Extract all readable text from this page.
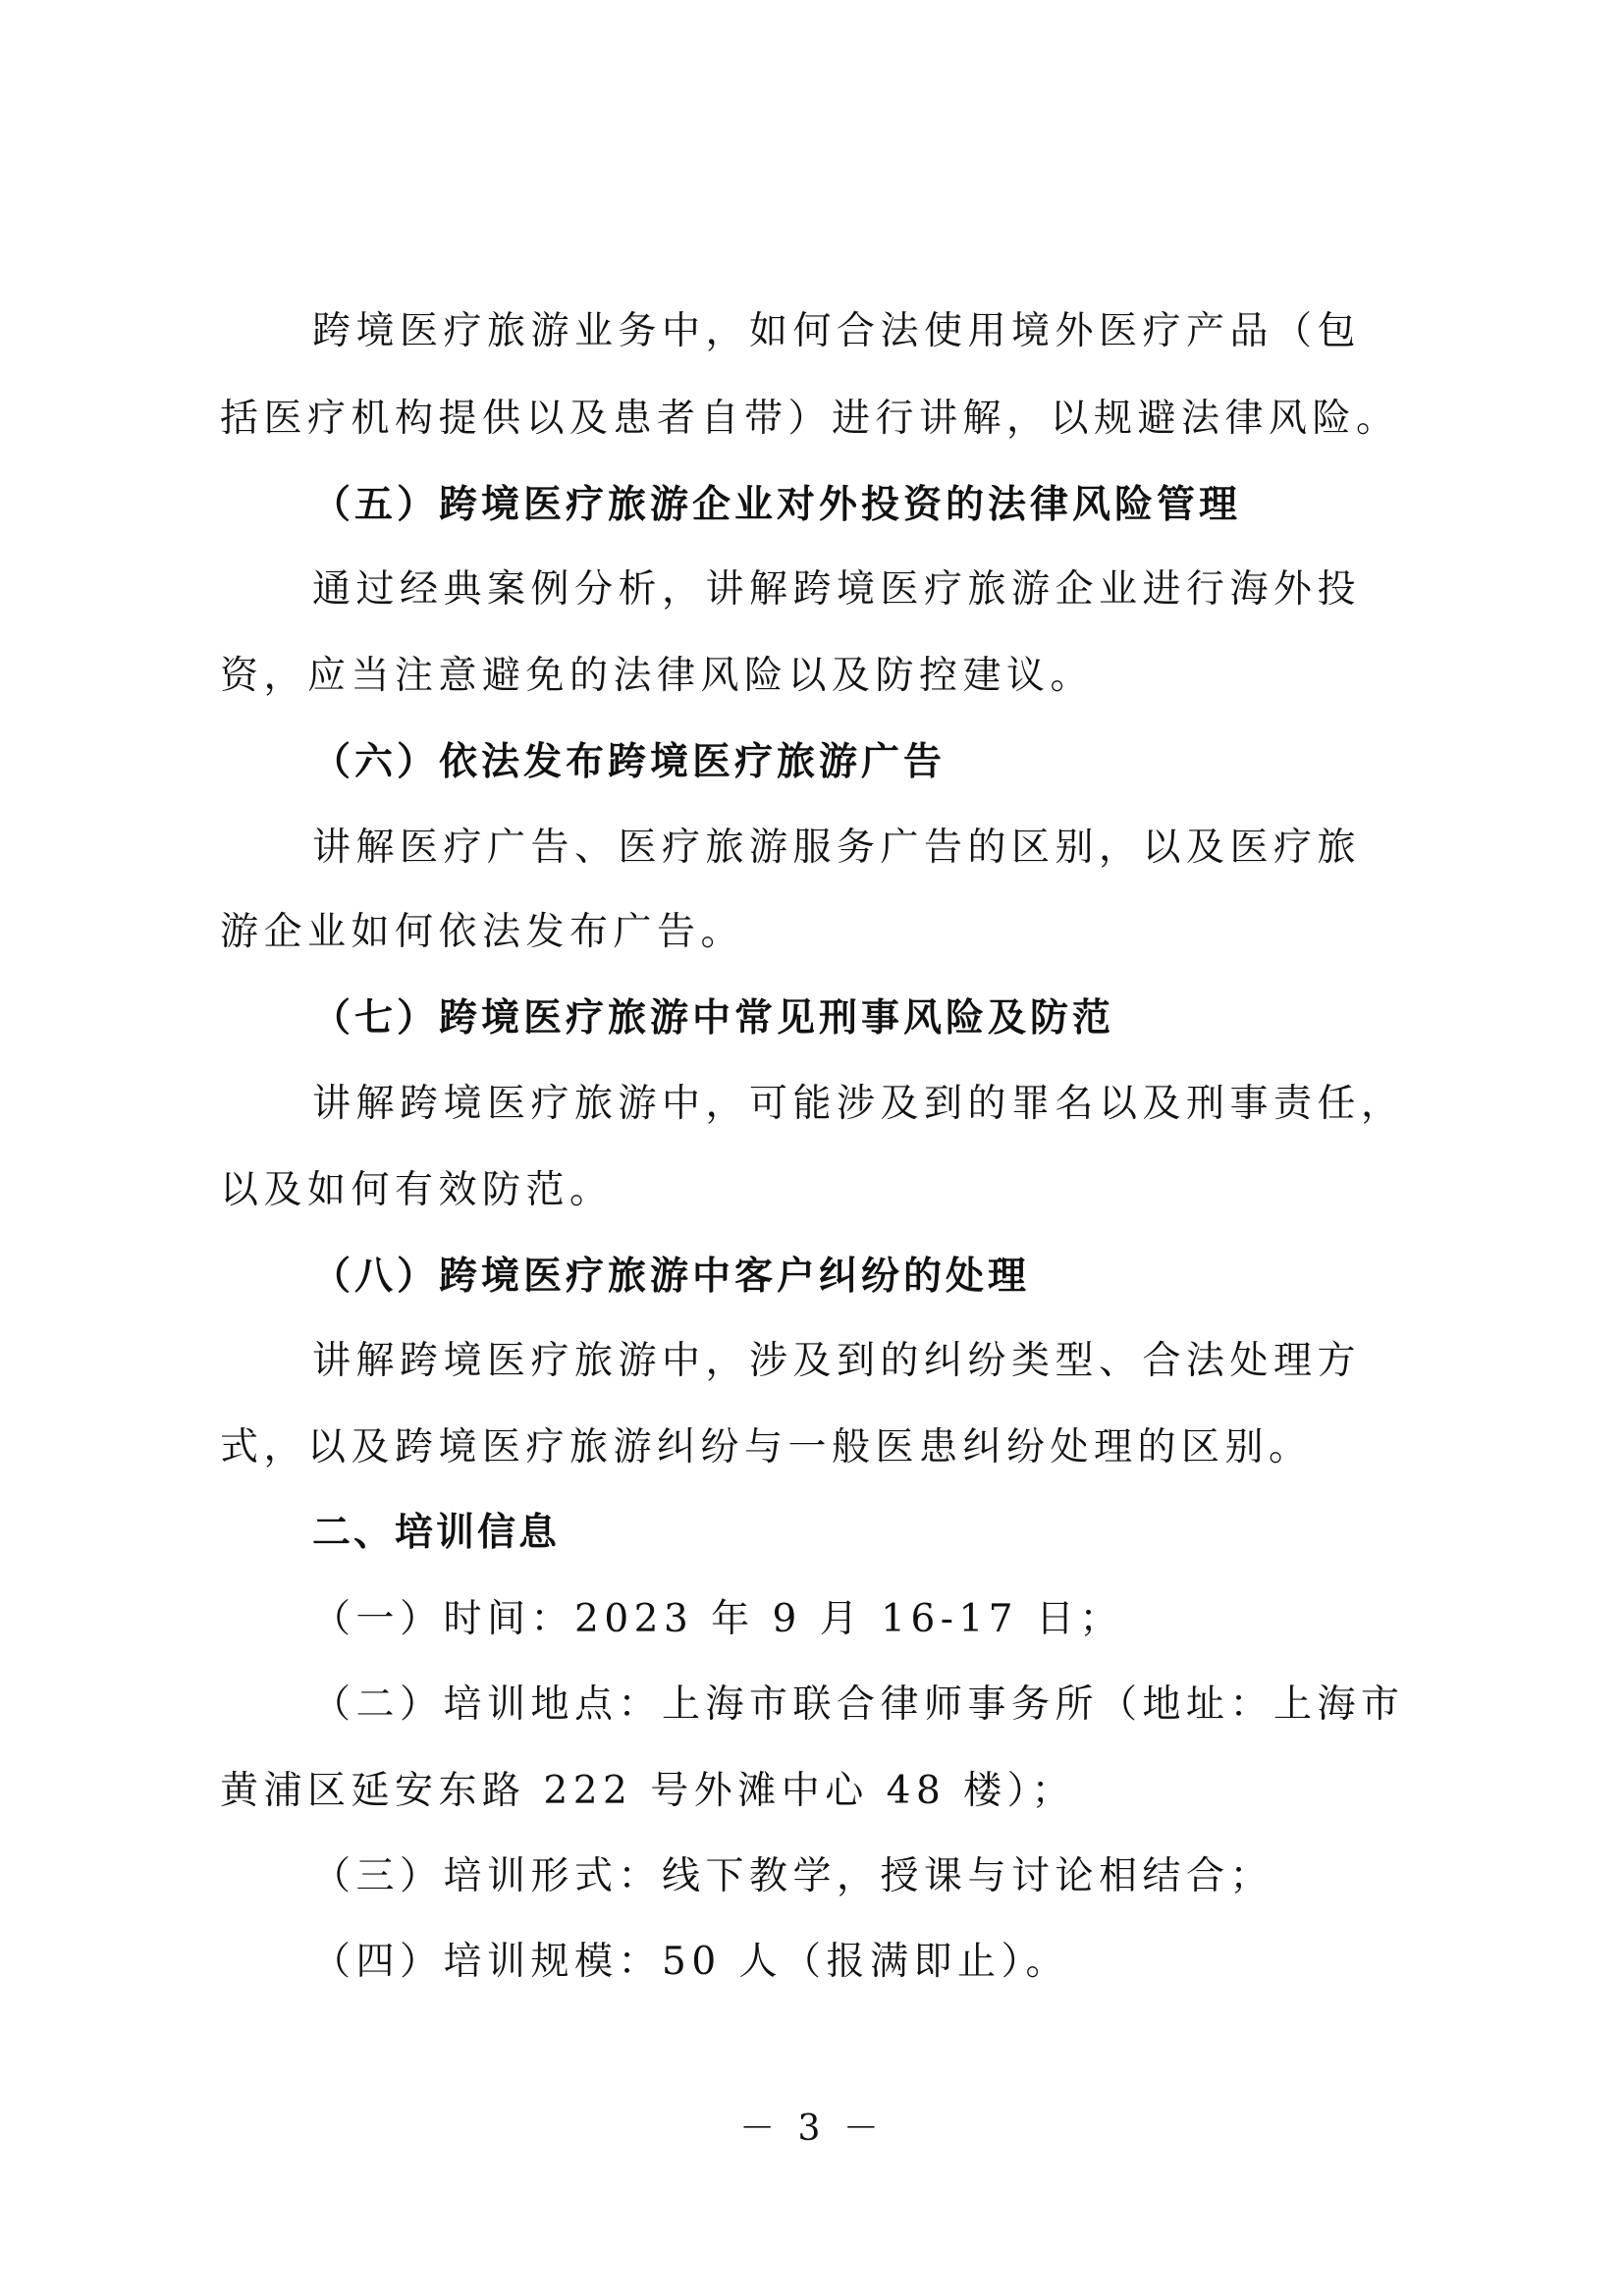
跨境医疗旅游业务中，如何合法使用境外医疗产品（包
括医疗机构提供以及患者自带）进行讲解，以规避法律风险。
（五）跨境医疗旅游企业对外投资的法律风险管理
通过经典案例分析，讲解跨境医疗旅游企业进行海外投
资，应当注意避免的法律风险以及防控建议。
（六）依法发布跨境医疗旅游广告
讲解医疗广告、医疗旅游服务广告的区别，以及医疗旅
游企业如何依法发布广告。
（七）跨境医疗旅游中常见刑事风险及防范
讲解跨境医疗旅游中，可能涉及到的罪名以及刑事责任，
以及如何有效防范。
（八）跨境医疗旅游中客户纠纷的处理
讲解跨境医疗旅游中，涉及到的纠纷类型、合法处理方
式，以及跨境医疗旅游纠纷与一般医患纠纷处理的区别。
二、培训信息
（一）时间：2023 年 9 月 16-17 日；
（二）培训地点：上海市联合律师事务所（地址：上海市
黄浦区延安东路 222 号外滩中心 48 楼）；
（三）培训形式：线下教学，授课与讨论相结合；
（四）培训规模：50 人（报满即止）。
－ 3 －
